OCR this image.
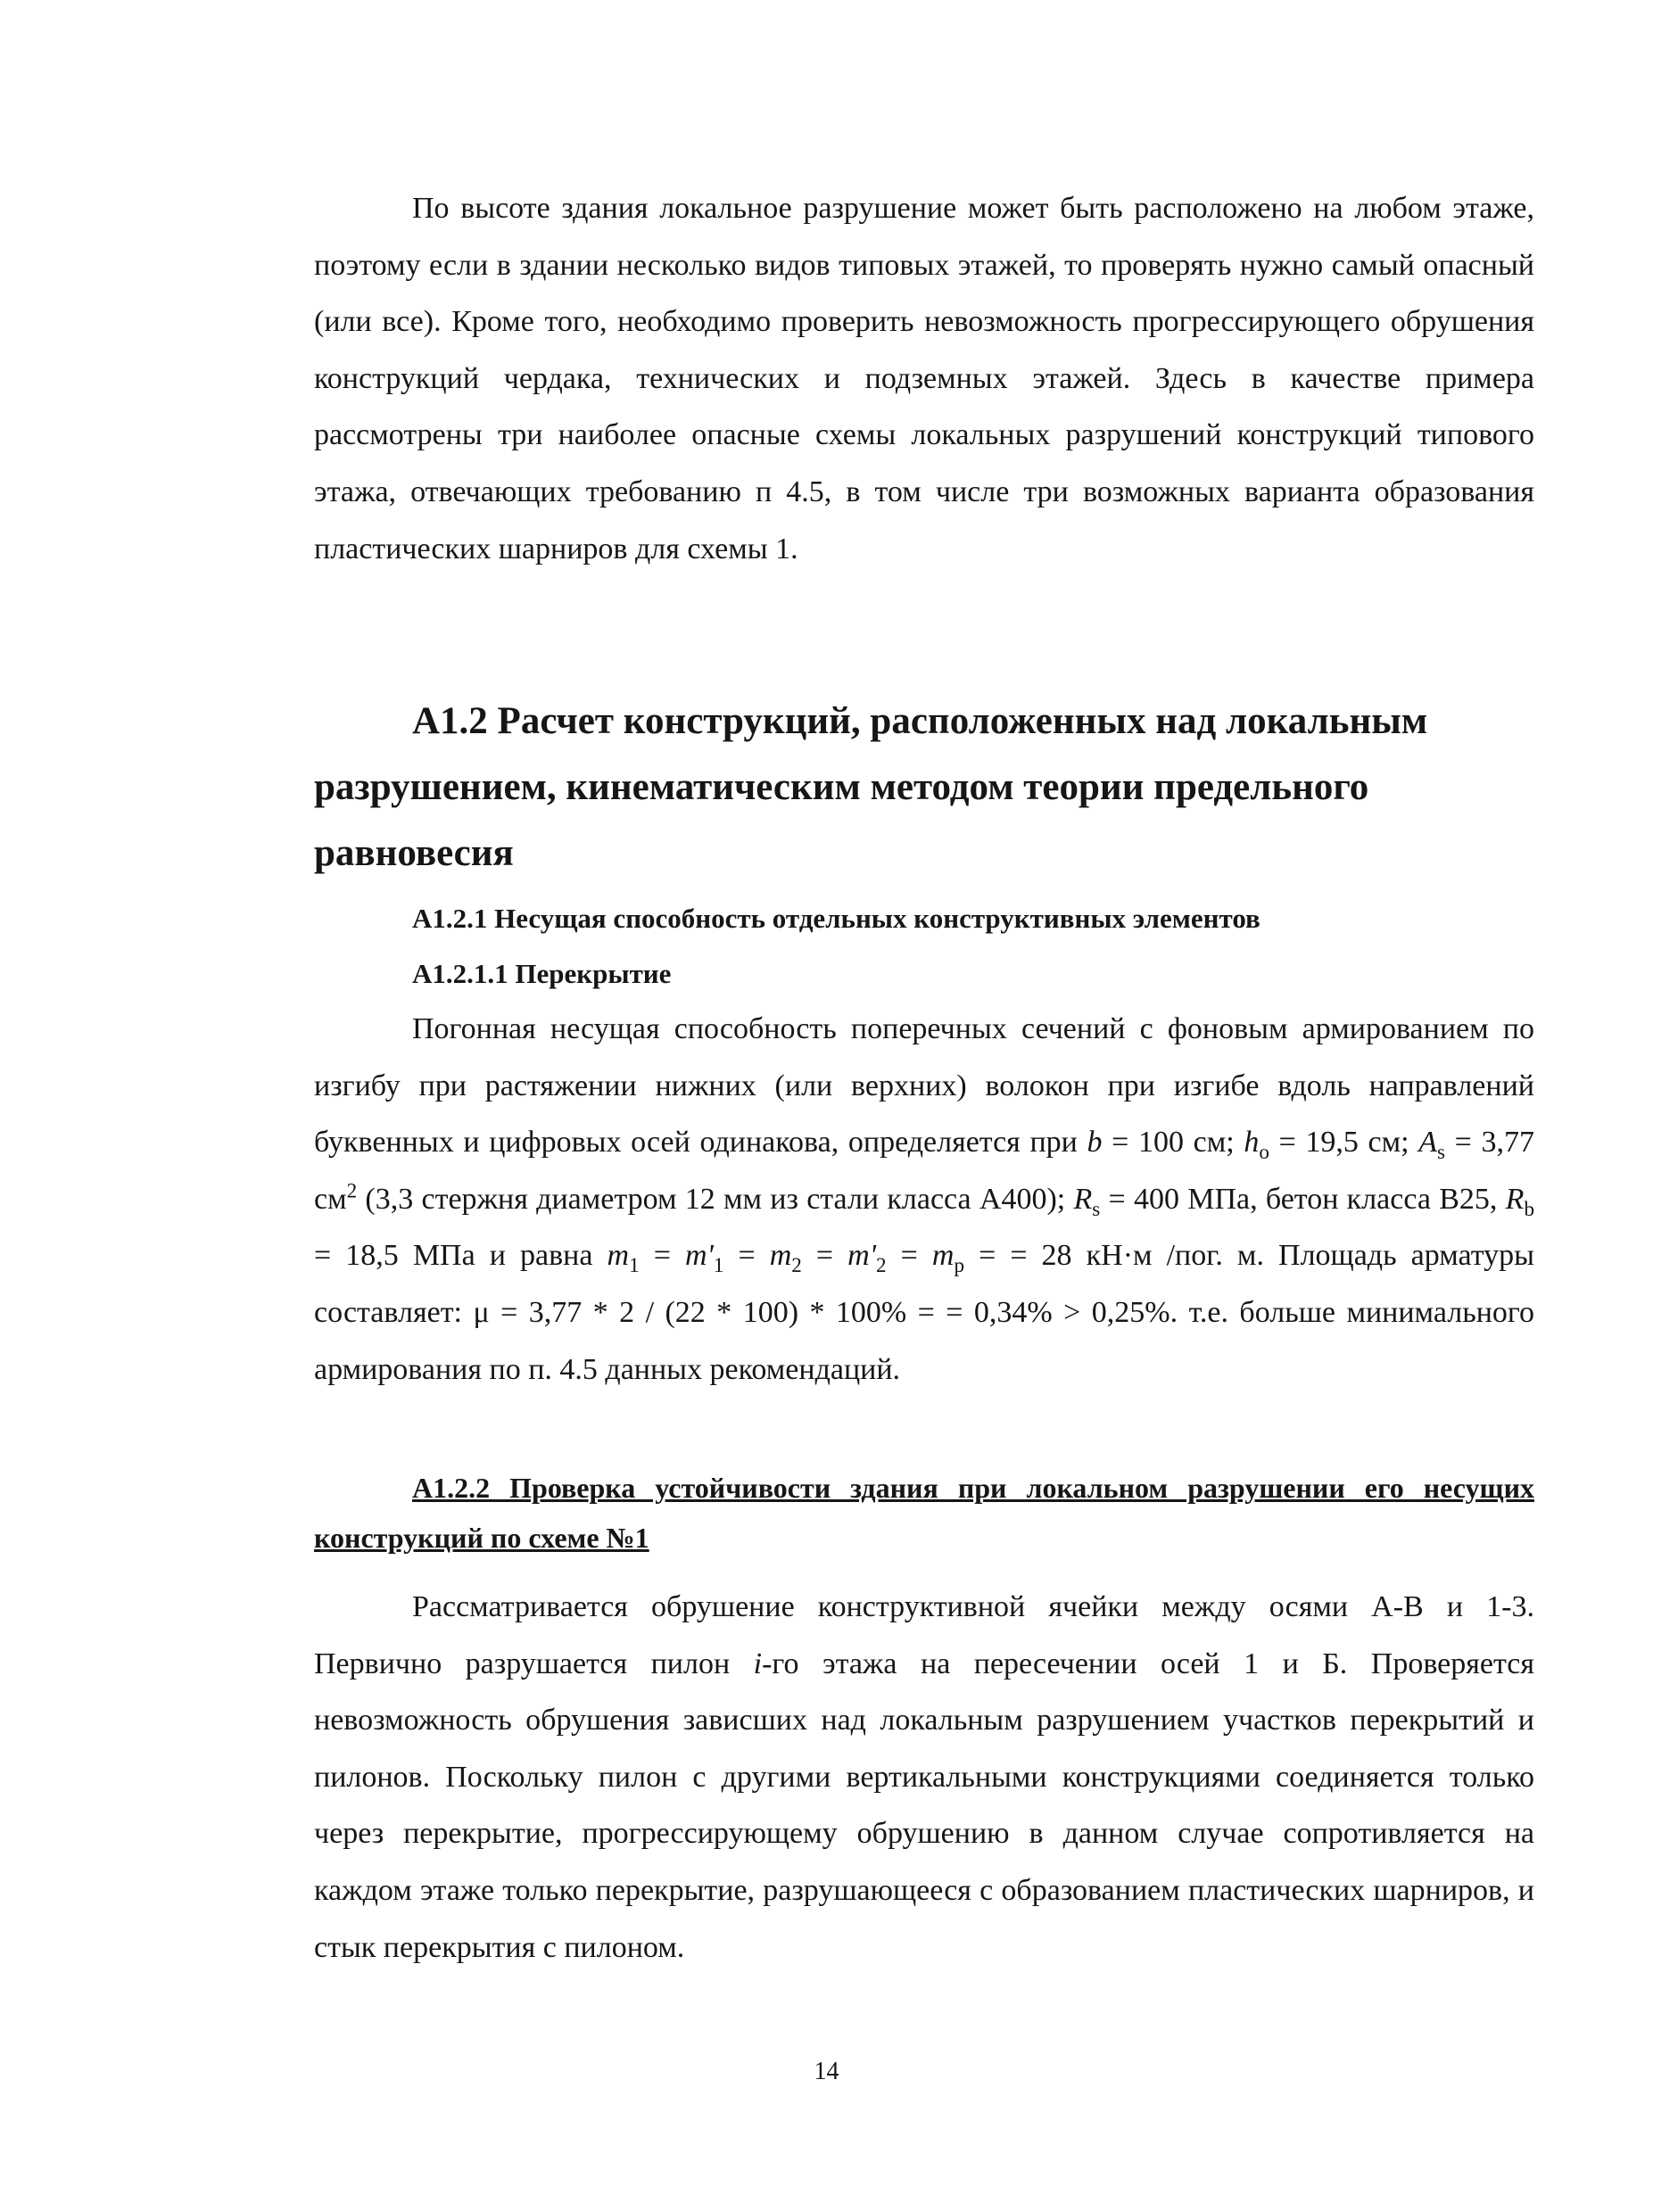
По высоте здания локальное разрушение может быть расположено на любом этаже, поэтому если в здании несколько видов типовых этажей, то проверять нужно самый опасный (или все). Кроме того, необходимо проверить невозможность прогрессирующего обрушения конструкций чердака, технических и подземных этажей. Здесь в качестве примера рассмотрены три наиболее опасные схемы локальных разрушений конструкций типового этажа, отвечающих требованию п 4.5, в том числе три возможных варианта образования пластических шарниров для схемы 1.

А1.2 Расчет конструкций, расположенных над локальным разрушением, кинематическим методом теории предельного равновесия

А1.2.1 Несущая способность отдельных конструктивных элементов

А1.2.1.1 Перекрытие

Погонная несущая способность поперечных сечений с фоновым армированием по изгибу при растяжении нижних (или верхних) волокон при изгибе вдоль направлений буквенных и цифровых осей одинакова, определяется при b = 100 см; $h_o = 19,5$ см; $A_s = 3,77$ $см^2$ (3,3 стержня диаметром 12 мм из стали класса А400); $R_s = 400$ МПа, бетон класса В25, $R_b = 18,5$ МПа и равна $m_1 = m'_1 = m_2 = m'_2 = m_p$ = = 28 кН·м /пог. м. Площадь арматуры составляет: μ = 3,77 * 2 / (22 * 100) * 100% = = 0,34% > 0,25%. т.е. больше минимального армирования по п. 4.5 данных рекомендаций.

А1.2.2 Проверка устойчивости здания при локальном разрушении его несущих конструкций по схеме №1

Рассматривается обрушение конструктивной ячейки между осями А-В и 1-3. Первично разрушается пилон i-го этажа на пересечении осей 1 и Б. Проверяется невозможность обрушения зависших над локальным разрушением участков перекрытий и пилонов. Поскольку пилон с другими вертикальными конструкциями соединяется только через перекрытие, прогрессирующему обрушению в данном случае сопротивляется на каждом этаже только перекрытие, разрушающееся с образованием пластических шарниров, и стык перекрытия с пилоном.

14
